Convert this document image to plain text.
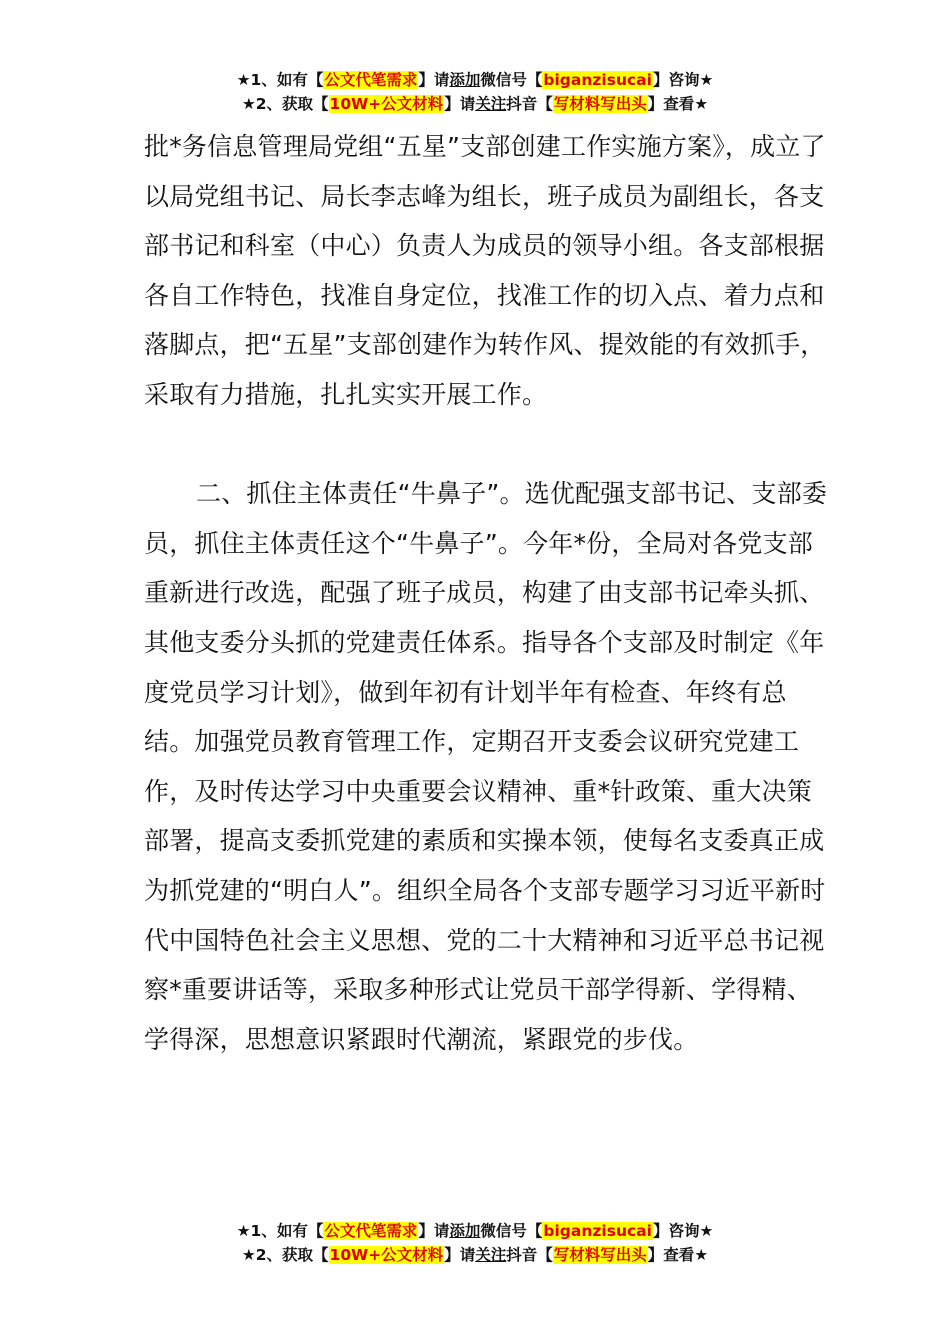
★1、如有【公文代笔需求】请添加微信号【biganzisucai】咨询★
★2、获取【10W+公文材料】请关注抖音【写材料写出头】查看★

批*务信息管理局党组“五星”支部创建工作实施方案》，成立了以局党组书记、局长李志峰为组长，班子成员为副组长，各支部书记和科室（中心）负责人为成员的领导小组。各支部根据各自工作特色，找准自身定位，找准工作的切入点、着力点和落脚点，把“五星”支部创建作为转作风、提效能的有效抓手，采取有力措施，扎扎实实开展工作。

二、抓住主体责任“牛鼻子”。选优配强支部书记、支部委员，抓住主体责任这个“牛鼻子”。今年*份，全局对各党支部重新进行改选，配强了班子成员，构建了由支部书记牵头抓、其他支委分头抓的党建责任体系。指导各个支部及时制定《年度党员学习计划》，做到年初有计划半年有检查、年终有总结。加强党员教育管理工作，定期召开支委会议研究党建工作，及时传达学习中央重要会议精神、重*针政策、重大决策部署，提高支委抓党建的素质和实操本领，使每名支委真正成为抓党建的“明白人”。组织全局各个支部专题学习习近平新时代中国特色社会主义思想、党的二十大精神和习近平总书记视察*重要讲话等，采取多种形式让党员干部学得新、学得精、学得深，思想意识紧跟时代潮流，紧跟党的步伐。

★1、如有【公文代笔需求】请添加微信号【biganzisucai】咨询★
★2、获取【10W+公文材料】请关注抖音【写材料写出头】查看★
